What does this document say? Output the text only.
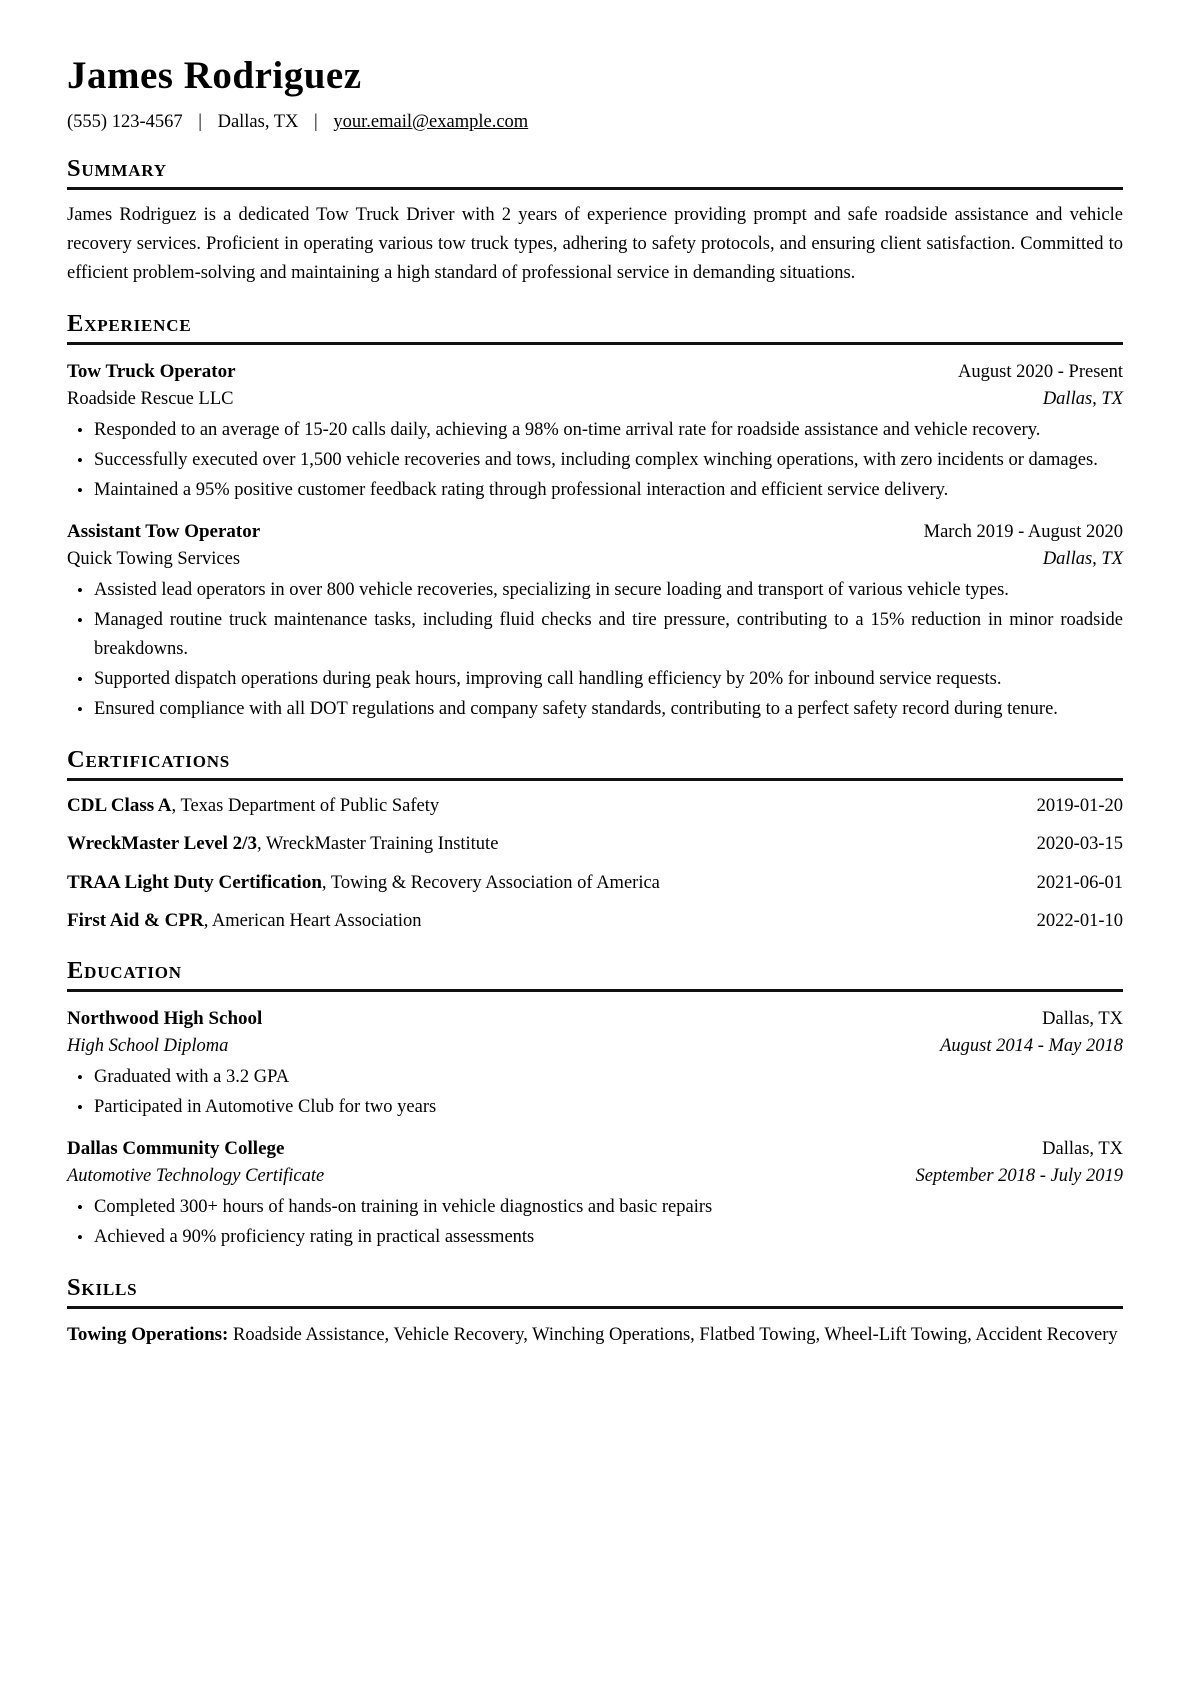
James Rodriguez
(555) 123-4567 | Dallas, TX | your.email@example.com
Summary

James Rodriguez is a dedicated Tow Truck Driver with 2 years of experience providing prompt and safe roadside assistance and vehicle recovery services. Proficient in operating various tow truck types, adhering to safety protocols, and ensuring client satisfaction. Committed to efficient problem-solving and maintaining a high standard of professional service in demanding situations.

Experience
Tow Truck Operator	August 2020 - Present
Roadside Rescue LLC	Dallas, TX
• Responded to an average of 15-20 calls daily, achieving a 98% on-time arrival rate for roadside assistance and vehicle recovery.
• Successfully executed over 1,500 vehicle recoveries and tows, including complex winching operations, with zero incidents or damages.
• Maintained a 95% positive customer feedback rating through professional interaction and efficient service delivery.
Assistant Tow Operator	March 2019 - August 2020
Quick Towing Services	Dallas, TX
• Assisted lead operators in over 800 vehicle recoveries, specializing in secure loading and transport of various vehicle types.
• Managed routine truck maintenance tasks, including fluid checks and tire pressure, contributing to a 15% reduction in minor roadside breakdowns.
• Supported dispatch operations during peak hours, improving call handling efficiency by 20% for inbound service requests.
• Ensured compliance with all DOT regulations and company safety standards, contributing to a perfect safety record during tenure.
Certifications
CDL Class A, Texas Department of Public Safety	2019-01-20
WreckMaster Level 2/3, WreckMaster Training Institute	2020-03-15
TRAA Light Duty Certification, Towing & Recovery Association of America	2021-06-01
First Aid & CPR, American Heart Association	2022-01-10
Education
Northwood High School	Dallas, TX
High School Diploma	August 2014 - May 2018
• Graduated with a 3.2 GPA
• Participated in Automotive Club for two years
Dallas Community College	Dallas, TX
Automotive Technology Certificate	September 2018 - July 2019
• Completed 300+ hours of hands-on training in vehicle diagnostics and basic repairs
• Achieved a 90% proficiency rating in practical assessments
Skills

Towing Operations: Roadside Assistance, Vehicle Recovery, Winching Operations, Flatbed Towing, Wheel-Lift Towing, Accident Recovery
